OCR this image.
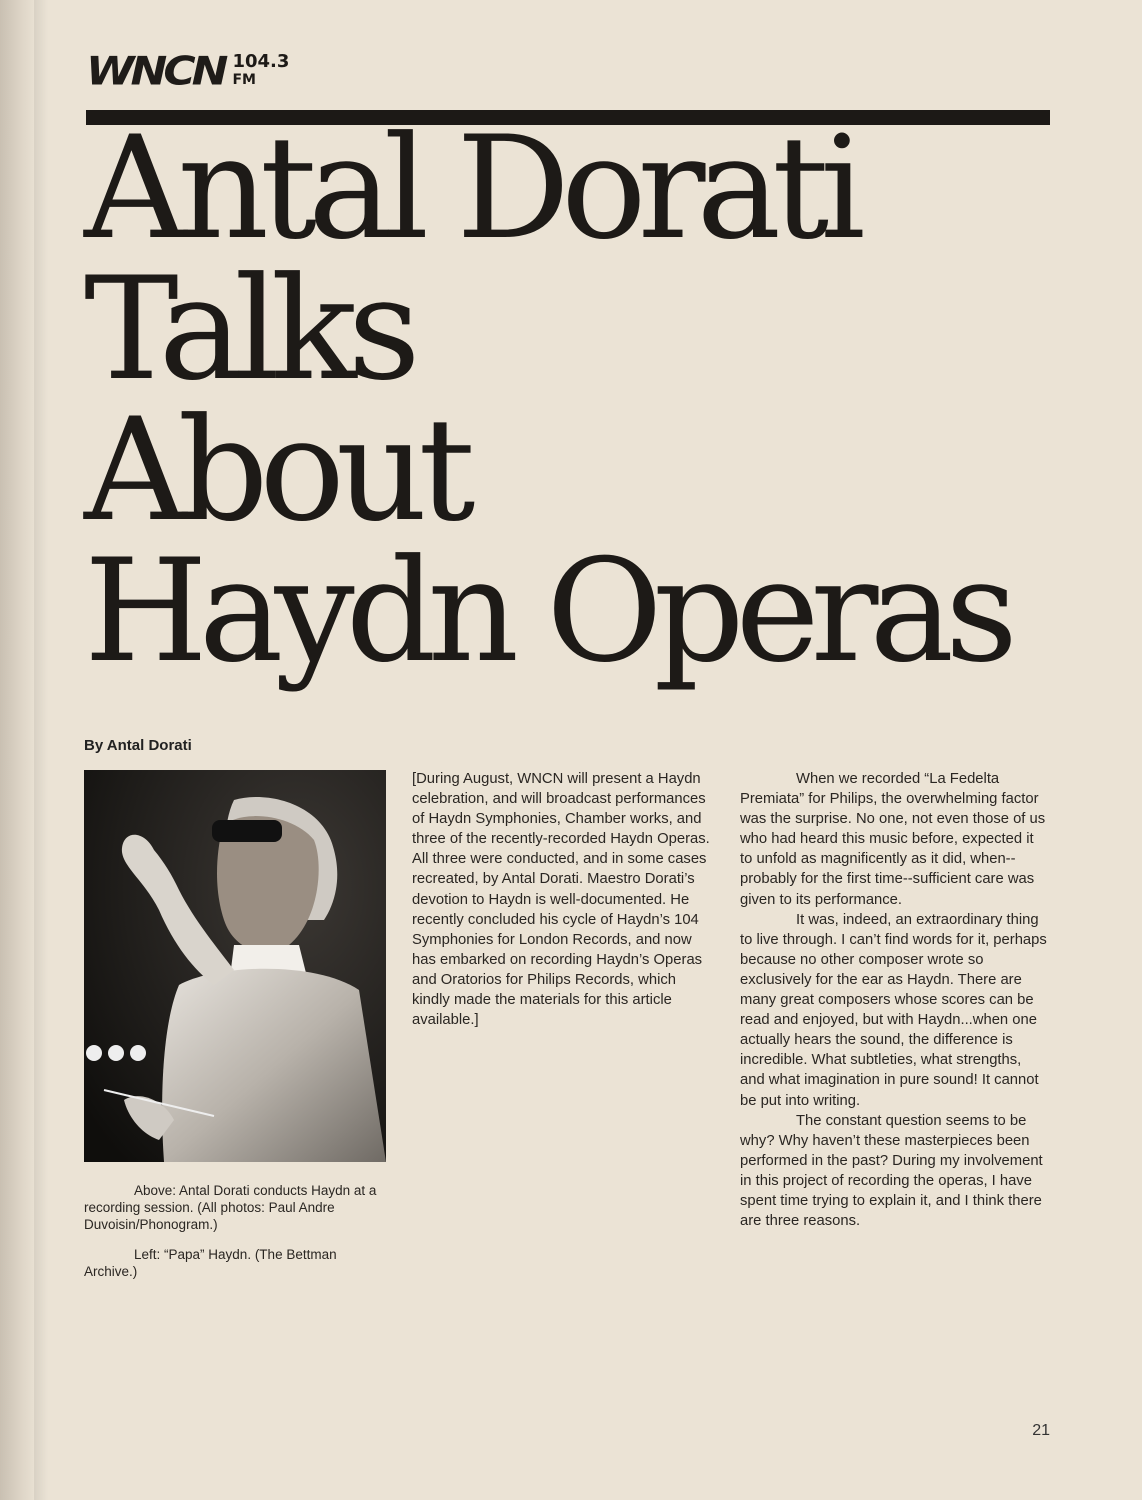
WNCN 104.3
FM
Antal Dorati
Talks
About
Haydn Operas
By Antal Dorati

Above: Antal Dorati conducts Haydn at a recording session. (All photos: Paul Andre Duvoisin/Phonogram.)

Left: “Papa” Haydn. (The Bettman Archive.)

[During August, WNCN will present a Haydn celebration, and will broadcast performances of Haydn Symphonies, Chamber works, and three of the recently-recorded Haydn Operas. All three were conducted, and in some cases recreated, by Antal Dorati. Maestro Dorati’s devotion to Haydn is well-documented. He recently concluded his cycle of Haydn’s 104 Symphonies for London Records, and now has embarked on recording Haydn’s Operas and Oratorios for Philips Records, which kindly made the materials for this article available.]

When we recorded “La Fedelta Premiata” for Philips, the overwhelming factor was the surprise. No one, not even those of us who had heard this music before, expected it to unfold as magnificently as it did, when--probably for the first time--sufficient care was given to its performance.

It was, indeed, an extraordinary thing to live through. I can’t find words for it, perhaps because no other composer wrote so exclusively for the ear as Haydn. There are many great composers whose scores can be read and enjoyed, but with Haydn...when one actually hears the sound, the difference is incredible. What subtleties, what strengths, and what imagination in pure sound! It cannot be put into writing.

The constant question seems to be why? Why haven’t these masterpieces been performed in the past? During my involvement in this project of recording the operas, I have spent time trying to explain it, and I think there are three reasons.

21
